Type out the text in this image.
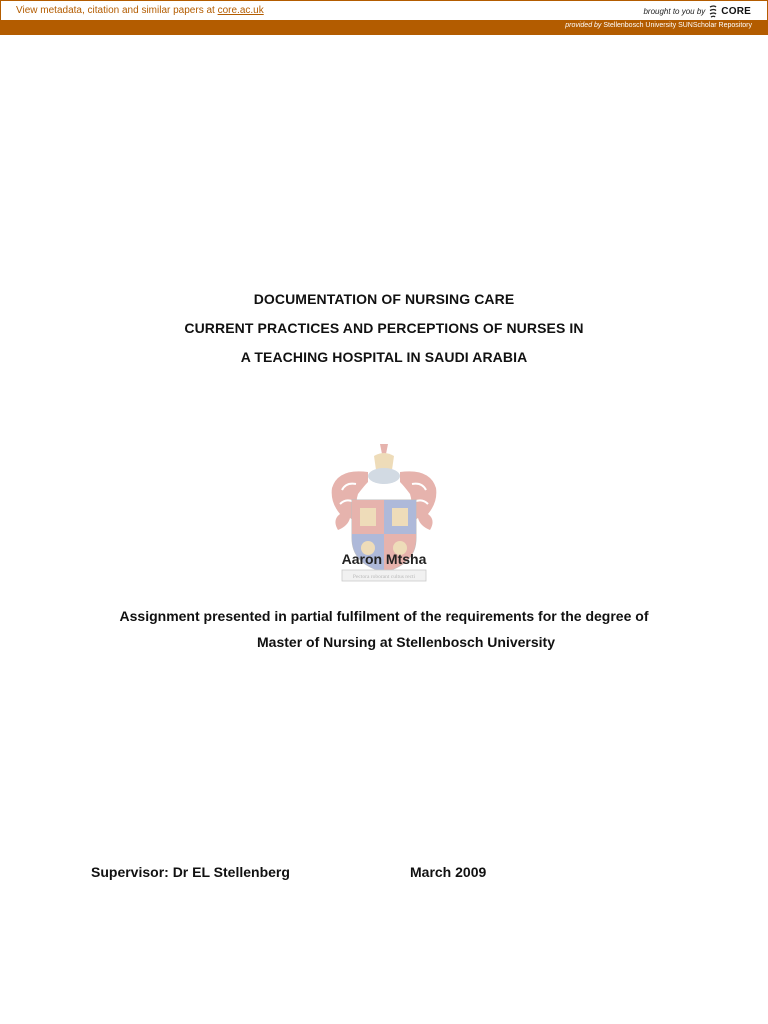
View metadata, citation and similar papers at core.ac.uk	brought to you by CORE
provided by Stellenbosch University SUNScholar Repository
DOCUMENTATION OF NURSING CARE
CURRENT PRACTICES AND PERCEPTIONS OF NURSES IN
A TEACHING HOSPITAL IN SAUDI ARABIA
Pectora roborant cultus recti
Aaron Mtsha
Assignment presented in partial fulfilment of the requirements for the degree of
Master of Nursing at Stellenbosch University
Supervisor: Dr EL Stellenberg	March 2009
